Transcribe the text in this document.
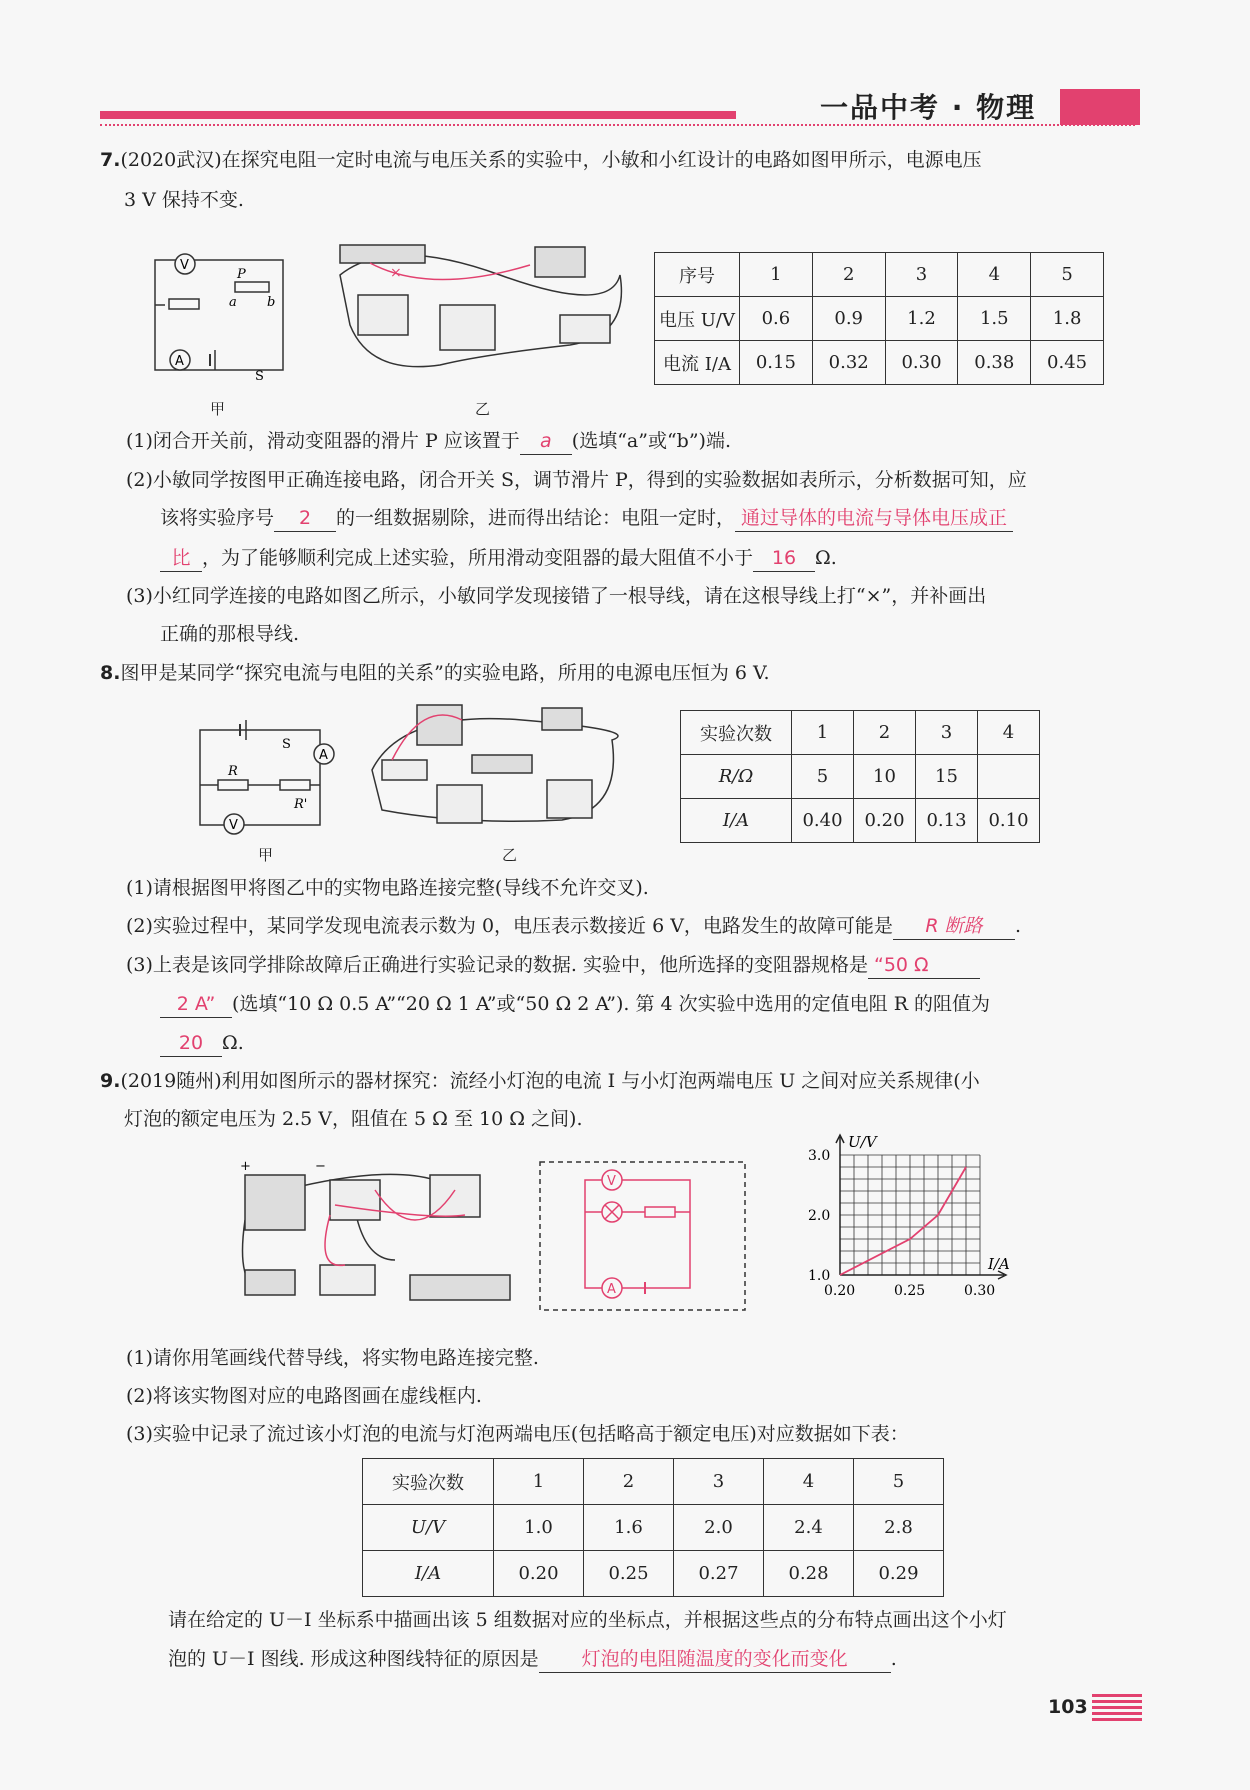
一品中考 · 物理
7.(2020武汉)在探究电阻一定时电流与电压关系的实验中，小敏和小红设计的电路如图甲所示，电源电压
3 V 保持不变.
V
P
a b
A
S
甲
×
乙
序号	1	2	3	4	5
电压 U/V	0.6	0.9	1.2	1.5	1.8
电流 I/A	0.15	0.32	0.30	0.38	0.45
(1)闭合开关前，滑动变阻器的滑片 P 应该置于 a (选填“a”或“b”)端.
(2)小敏同学按图甲正确连接电路，闭合开关 S，调节滑片 P，得到的实验数据如表所示，分析数据可知，应
该将实验序号 2 的一组数据剔除，进而得出结论：电阻一定时， 通过导体的电流与导体电压成正
比 ，为了能够顺利完成上述实验，所用滑动变阻器的最大阻值不小于 16 Ω.
(3)小红同学连接的电路如图乙所示，小敏同学发现接错了一根导线，请在这根导线上打“×”，并补画出
正确的那根导线.
8.图甲是某同学“探究电流与电阻的关系”的实验电路，所用的电源电压恒为 6 V.
S
A
R
R'
V
甲	乙
实验次数	1	2	3	4
R/Ω	5	10	15	
I/A	0.40	0.20	0.13	0.10
(1)请根据图甲将图乙中的实物电路连接完整(导线不允许交叉).
(2)实验过程中，某同学发现电流表示数为 0，电压表示数接近 6 V，电路发生的故障可能是 R 断路 .
(3)上表是该同学排除故障后正确进行实验记录的数据. 实验中，他所选择的变阻器规格是 “50 Ω
2 A” (选填“10 Ω 0.5 A”“20 Ω 1 A”或“50 Ω 2 A”). 第 4 次实验中选用的定值电阻 R 的阻值为
20 Ω.
9.(2019随州)利用如图所示的器材探究：流经小灯泡的电流 I 与小灯泡两端电压 U 之间对应关系规律(小
灯泡的额定电压为 2.5 V，阻值在 5 Ω 至 10 Ω 之间).
+	−
V
A
U/V
I/A
1.0
2.0
3.0
0.20	0.25	0.30
(1)请你用笔画线代替导线，将实物电路连接完整.
(2)将该实物图对应的电路图画在虚线框内.
(3)实验中记录了流过该小灯泡的电流与灯泡两端电压(包括略高于额定电压)对应数据如下表：
实验次数	1	2	3	4	5
U/V	1.0	1.6	2.0	2.4	2.8
I/A	0.20	0.25	0.27	0.28	0.29
请在给定的 U－I 坐标系中描画出该 5 组数据对应的坐标点，并根据这些点的分布特点画出这个小灯
泡的 U－I 图线. 形成这种图线特征的原因是 灯泡的电阻随温度的变化而变化 .
103
